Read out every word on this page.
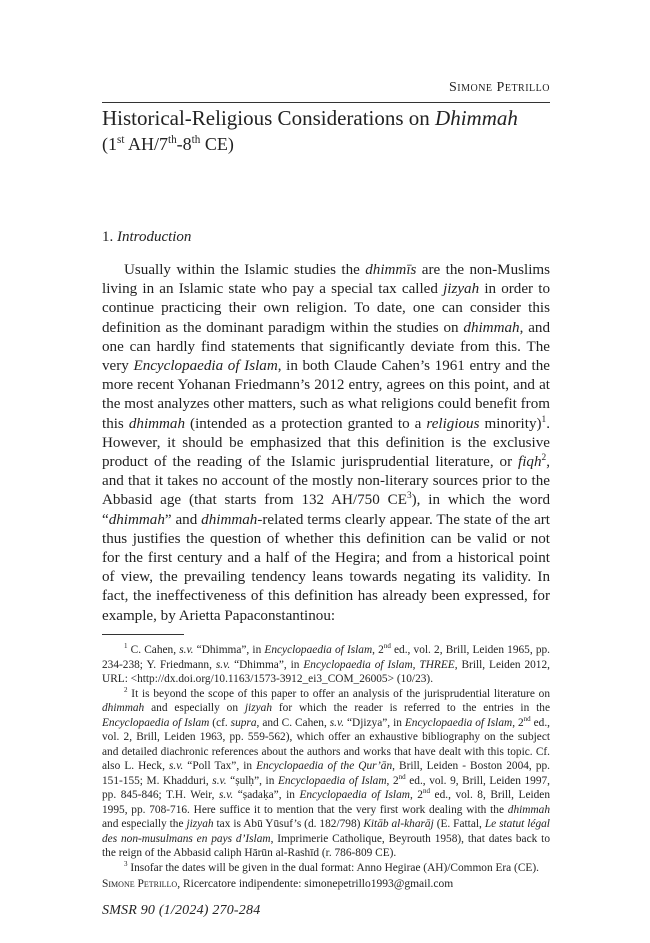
Simone Petrillo
Historical-Religious Considerations on Dhimmah
(1st AH/7th-8th CE)
1. Introduction

Usually within the Islamic studies the dhimmīs are the non-Muslims living in an Islamic state who pay a special tax called jizyah in order to continue practicing their own religion. To date, one can consider this definition as the dominant paradigm within the studies on dhimmah, and one can hardly find statements that significantly deviate from this. The very Encyclopaedia of Islam, in both Claude Cahen’s 1961 entry and the more recent Yohanan Friedmann’s 2012 entry, agrees on this point, and at the most analyzes other matters, such as what religions could benefit from this dhimmah (intended as a protection granted to a religious minority)$^1$. However, it should be emphasized that this definition is the exclusive product of the reading of the Islamic jurisprudential literature, or fiqh$^2$, and that it takes no account of the mostly non-literary sources prior to the Abbasid age (that starts from 132 AH/750 $CE^3$), in which the word “dhimmah” and dhimmah-related terms clearly appear. The state of the art thus justifies the question of whether this definition can be valid or not for the first century and a half of the Hegira; and from a historical point of view, the prevailing tendency leans towards negating its validity. In fact, the ineffectiveness of this definition has already been expressed, for example, by Arietta Papaconstantinou:

$^1$ C. Cahen, s.v. “Dhimma”, in Encyclopaedia of Islam, 2nd ed., vol. 2, Brill, Leiden 1965, pp. 234-238; Y. Friedmann, s.v. “Dhimma”, in Encyclopaedia of Islam, THREE, Brill, Leiden 2012, URL: <http://dx.doi.org/10.1163/1573-3912_ei3_COM_26005> (10/23).

$^2$ It is beyond the scope of this paper to offer an analysis of the jurisprudential literature on dhimmah and especially on jizyah for which the reader is referred to the entries in the Encyclopaedia of Islam (cf. supra, and C. Cahen, s.v. “Djizya”, in Encyclopaedia of Islam, 2nd ed., vol. 2, Brill, Leiden 1963, pp. 559-562), which offer an exhaustive bibliography on the subject and detailed diachronic references about the authors and works that have dealt with this topic. Cf. also L. Heck, s.v. “Poll Tax”, in Encyclopaedia of the Qur’ān, Brill, Leiden - Boston 2004, pp. 151-155; M. Khadduri, s.v. “ṣulḥ”, in Encyclopaedia of Islam, 2nd ed., vol. 9, Brill, Leiden 1997, pp. 845-846; T.H. Weir, s.v. “ṣadaḳa”, in Encyclopaedia of Islam, 2nd ed., vol. 8, Brill, Leiden 1995, pp. 708-716. Here suffice it to mention that the very first work dealing with the dhimmah and especially the jizyah tax is Abū Yūsuf’s (d. 182/798) Kitāb al-kharāj (E. Fattal, Le statut légal des non-musulmans en pays d’Islam, Imprimerie Catholique, Beyrouth 1958), that dates back to the reign of the Abbasid caliph Hārūn al-Rashīd (r. 786-809 CE).

$^3$ Insofar the dates will be given in the dual format: Anno Hegirae (AH)/Common Era (CE).

Simone Petrillo, Ricercatore indipendente: simonepetrillo1993@gmail.com
SMSR 90 (1/2024) 270-284
